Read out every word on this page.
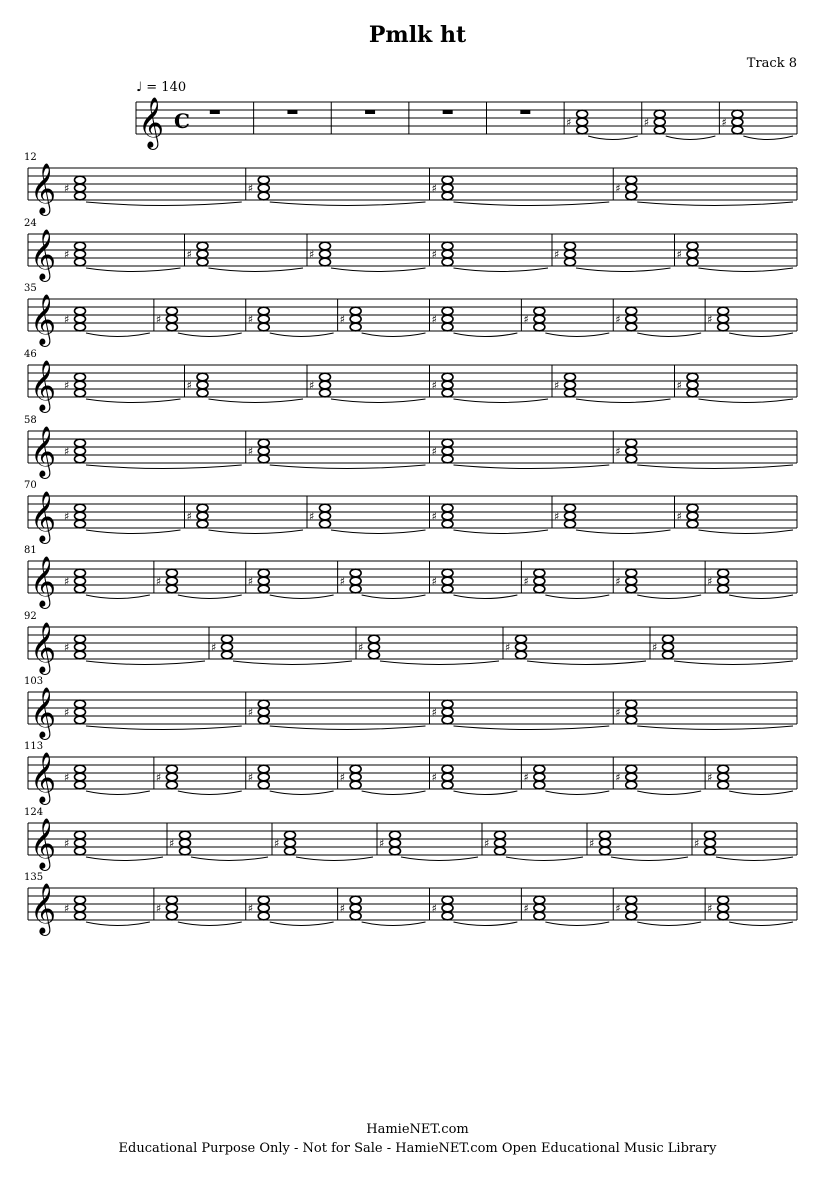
Pmlk ht
Track 8
♩ = 140
𝄞 C	♯	♯	♯
𝄞
12
♯	♯	♯	♯
𝄞
24
♯	♯	♯	♯	♯	♯
𝄞
35
♯	♯	♯	♯	♯	♯	♯	♯
𝄞
46
♯	♯	♯	♯	♯	♯
𝄞
58
♯	♯	♯	♯
𝄞
70
♯	♯	♯	♯	♯	♯
𝄞
81
♯	♯	♯	♯	♯	♯	♯	♯
𝄞
92
♯	♯	♯	♯	♯
𝄞
103
♯	♯	♯	♯
𝄞
113
♯	♯	♯	♯	♯	♯	♯	♯
𝄞
124
♯	♯	♯	♯	♯	♯	♯
𝄞
135
♯	♯	♯	♯	♯	♯	♯	♯
HamieNET.com
Educational Purpose Only - Not for Sale - HamieNET.com Open Educational Music Library
